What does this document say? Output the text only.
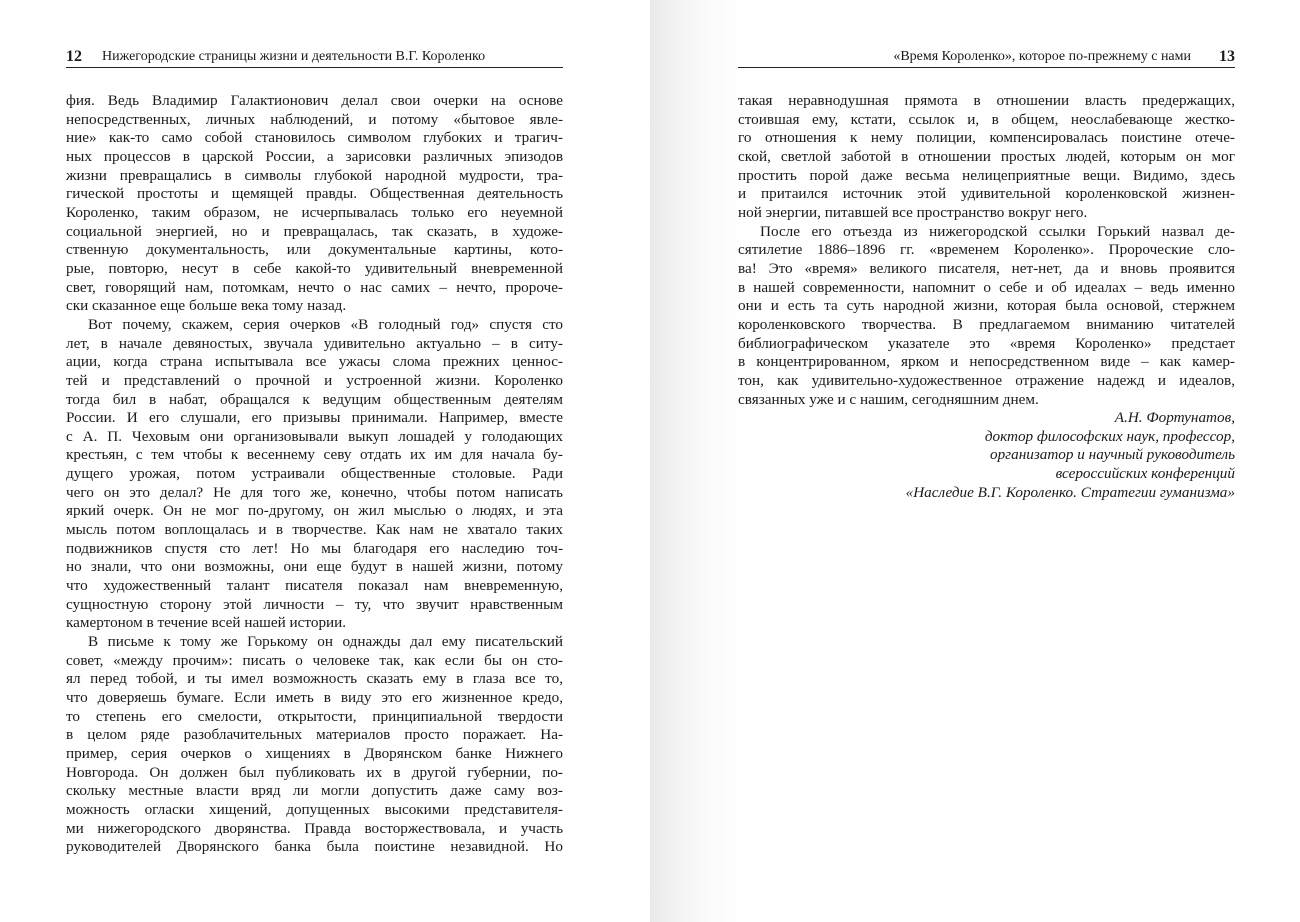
12 Нижегородские страницы жизни и деятельности В.Г. Короленко
фия. Ведь Владимир Галактионович делал свои очерки на основе
непосредственных, личных наблюдений, и потому «бытовое явле-
ние» как-то само собой становилось символом глубоких и трагич-
ных процессов в царской России, а зарисовки различных эпизодов
жизни превращались в символы глубокой народной мудрости, тра-
гической простоты и щемящей правды. Общественная деятельность
Короленко, таким образом, не исчерпывалась только его неуемной
социальной энергией, но и превращалась, так сказать, в художе-
ственную документальность, или документальные картины, кото-
рые, повторю, несут в себе какой-то удивительный вневременной
свет, говорящий нам, потомкам, нечто о нас самих – нечто, пророче-
ски сказанное еще больше века тому назад.
Вот почему, скажем, серия очерков «В голодный год» спустя сто
лет, в начале девяностых, звучала удивительно актуально – в ситу-
ации, когда страна испытывала все ужасы слома прежних ценнос-
тей и представлений о прочной и устроенной жизни. Короленко
тогда бил в набат, обращался к ведущим общественным деятелям
России. И его слушали, его призывы принимали. Например, вместе
с А. П. Чеховым они организовывали выкуп лошадей у голодающих
крестьян, с тем чтобы к весеннему севу отдать их им для начала бу-
дущего урожая, потом устраивали общественные столовые. Ради
чего он это делал? Не для того же, конечно, чтобы потом написать
яркий очерк. Он не мог по-другому, он жил мыслью о людях, и эта
мысль потом воплощалась и в творчестве. Как нам не хватало таких
подвижников спустя сто лет! Но мы благодаря его наследию точ-
но знали, что они возможны, они еще будут в нашей жизни, потому
что художественный талант писателя показал нам вневременную,
сущностную сторону этой личности – ту, что звучит нравственным
камертоном в течение всей нашей истории.
В письме к тому же Горькому он однажды дал ему писательский
совет, «между прочим»: писать о человеке так, как если бы он сто-
ял перед тобой, и ты имел возможность сказать ему в глаза все то,
что доверяешь бумаге. Если иметь в виду это его жизненное кредо,
то степень его смелости, открытости, принципиальной твердости
в целом ряде разоблачительных материалов просто поражает. На-
пример, серия очерков о хищениях в Дворянском банке Нижнего
Новгорода. Он должен был публиковать их в другой губернии, по-
скольку местные власти вряд ли могли допустить даже саму воз-
можность огласки хищений, допущенных высокими представителя-
ми нижегородского дворянства. Правда восторжествовала, и участь
руководителей Дворянского банка была поистине незавидной. Но
«Время Короленко», которое по-прежнему с нами 13
такая неравнодушная прямота в отношении власть предержащих,
стоившая ему, кстати, ссылок и, в общем, неослабевающе жестко-
го отношения к нему полиции, компенсировалась поистине отече-
ской, светлой заботой в отношении простых людей, которым он мог
простить порой даже весьма нелицеприятные вещи. Видимо, здесь
и притаился источник этой удивительной короленковской жизнен-
ной энергии, питавшей все пространство вокруг него.
После его отъезда из нижегородской ссылки Горький назвал де-
сятилетие 1886–1896 гг. «временем Короленко». Пророческие сло-
ва! Это «время» великого писателя, нет-нет, да и вновь проявится
в нашей современности, напомнит о себе и об идеалах – ведь именно
они и есть та суть народной жизни, которая была основой, стержнем
короленковского творчества. В предлагаемом вниманию читателей
библиографическом указателе это «время Короленко» предстает
в концентрированном, ярком и непосредственном виде – как камер-
тон, как удивительно-художественное отражение надежд и идеалов,
связанных уже и с нашим, сегодняшним днем.
А.Н. Фортунатов,
доктор философских наук, профессор,
организатор и научный руководитель
всероссийских конференций
«Наследие В.Г. Короленко. Стратегии гуманизма»
